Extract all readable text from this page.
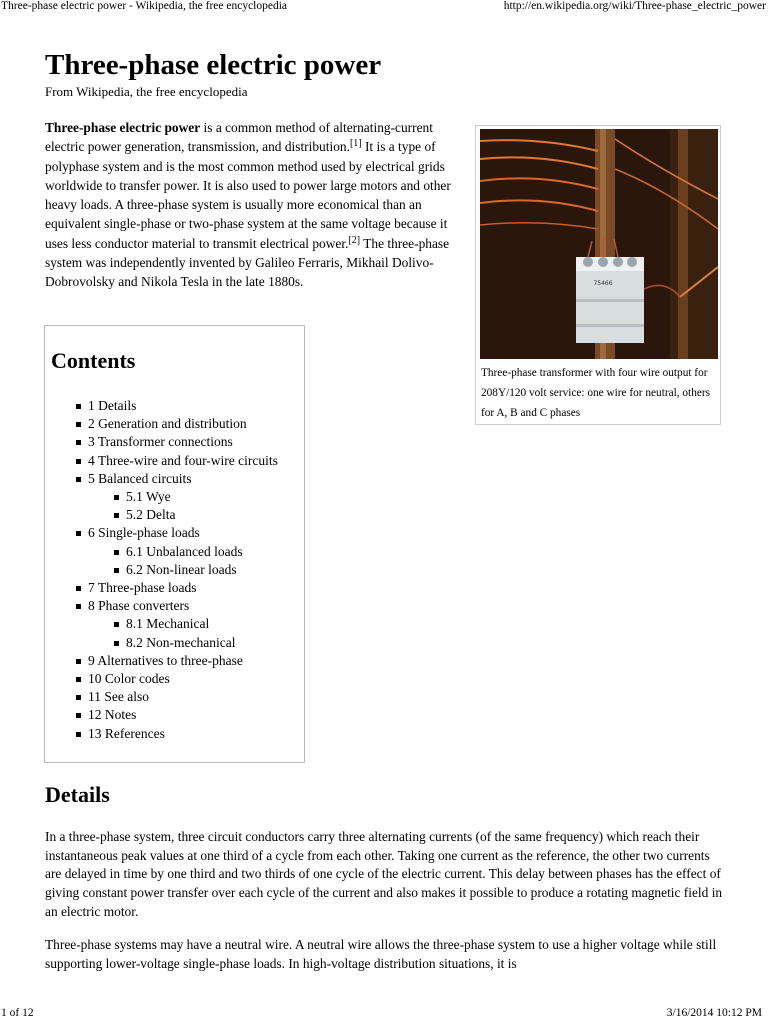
Three-phase electric power - Wikipedia, the free encyclopedia	http://en.wikipedia.org/wiki/Three-phase_electric_power
Three-phase electric power
From Wikipedia, the free encyclopedia

Three-phase electric power is a common method of alternating-current electric power generation, transmission, and distribution.[1] It is a type of polyphase system and is the most common method used by electrical grids worldwide to transfer power. It is also used to power large motors and other heavy loads. A three-phase system is usually more economical than an equivalent single-phase or two-phase system at the same voltage because it uses less conductor material to transmit electrical power.[2] The three-phase system was independently invented by Galileo Ferraris, Mikhail Dolivo-Dobrovolsky and Nikola Tesla in the late 1880s.	75466
Three-phase transformer with four wire output for 208Y/120 volt service: one wire for neutral, others for A, B and C phases
Contents
1 Details
2 Generation and distribution
3 Transformer connections
4 Three-wire and four-wire circuits
5 Balanced circuits
5.1 Wye
5.2 Delta
6 Single-phase loads
6.1 Unbalanced loads
6.2 Non-linear loads
7 Three-phase loads
8 Phase converters
8.1 Mechanical
8.2 Non-mechanical
9 Alternatives to three-phase
10 Color codes
11 See also
12 Notes
13 References
Details

In a three-phase system, three circuit conductors carry three alternating currents (of the same frequency) which reach their instantaneous peak values at one third of a cycle from each other. Taking one current as the reference, the other two currents are delayed in time by one third and two thirds of one cycle of the electric current. This delay between phases has the effect of giving constant power transfer over each cycle of the current and also makes it possible to produce a rotating magnetic field in an electric motor.

Three-phase systems may have a neutral wire. A neutral wire allows the three-phase system to use a higher voltage while still supporting lower-voltage single-phase loads. In high-voltage distribution situations, it is

1 of 12	3/16/2014 10:12 PM
